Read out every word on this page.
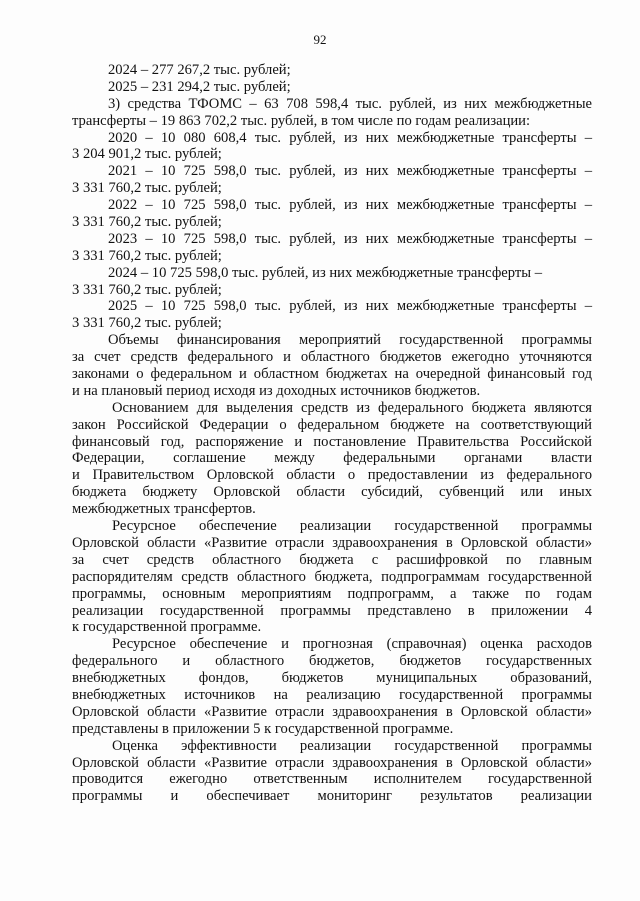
92
2024 – 277 267,2 тыс. рублей;
2025 – 231 294,2 тыс. рублей;
3) средства ТФОМС – 63 708 598,4 тыс. рублей, из них межбюджетные
трансферты – 19 863 702,2 тыс. рублей, в том числе по годам реализации:
2020 – 10 080 608,4 тыс. рублей, из них межбюджетные трансферты –
3 204 901,2 тыс. рублей;
2021 – 10 725 598,0 тыс. рублей, из них межбюджетные трансферты –
3 331 760,2 тыс. рублей;
2022 – 10 725 598,0 тыс. рублей, из них межбюджетные трансферты –
3 331 760,2 тыс. рублей;
2023 – 10 725 598,0 тыс. рублей, из них межбюджетные трансферты –
3 331 760,2 тыс. рублей;
2024 – 10 725 598,0 тыс. рублей, из них межбюджетные трансферты –
3 331 760,2 тыс. рублей;
2025 – 10 725 598,0 тыс. рублей, из них межбюджетные трансферты –
3 331 760,2 тыс. рублей;
Объемы финансирования мероприятий государственной программы
за счет средств федерального и областного бюджетов ежегодно уточняются
законами о федеральном и областном бюджетах на очередной финансовый год
и на плановый период исходя из доходных источников бюджетов.
Основанием для выделения средств из федерального бюджета являются
закон Российской Федерации о федеральном бюджете на соответствующий
финансовый год, распоряжение и постановление Правительства Российской
Федерации, соглашение между федеральными органами власти
и Правительством Орловской области о предоставлении из федерального
бюджета бюджету Орловской области субсидий, субвенций или иных
межбюджетных трансфертов.
Ресурсное обеспечение реализации государственной программы
Орловской области «Развитие отрасли здравоохранения в Орловской области»
за счет средств областного бюджета с расшифровкой по главным
распорядителям средств областного бюджета, подпрограммам государственной
программы, основным мероприятиям подпрограмм, а также по годам
реализации государственной программы представлено в приложении 4
к государственной программе.
Ресурсное обеспечение и прогнозная (справочная) оценка расходов
федерального и областного бюджетов, бюджетов государственных
внебюджетных фондов, бюджетов муниципальных образований,
внебюджетных источников на реализацию государственной программы
Орловской области «Развитие отрасли здравоохранения в Орловской области»
представлены в приложении 5 к государственной программе.
Оценка эффективности реализации государственной программы
Орловской области «Развитие отрасли здравоохранения в Орловской области»
проводится ежегодно ответственным исполнителем государственной
программы и обеспечивает мониторинг результатов реализации
